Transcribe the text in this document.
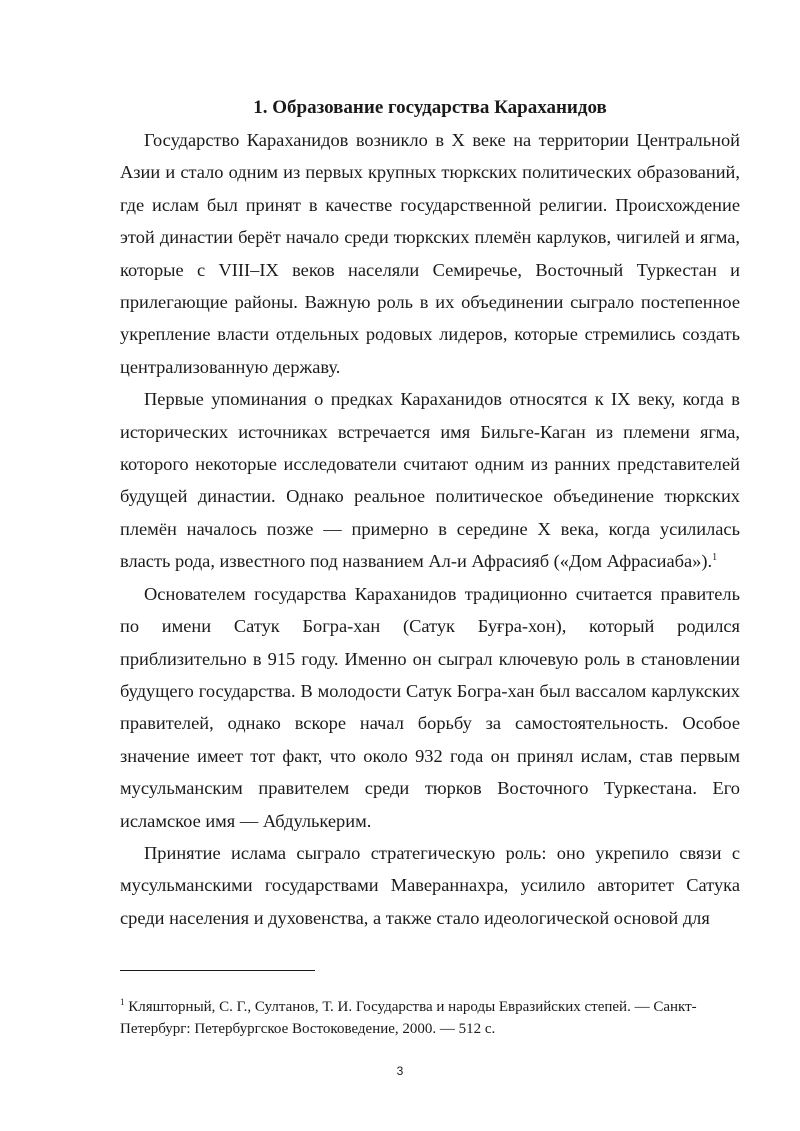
1. Образование государства Караханидов

Государство Караханидов возникло в X веке на территории Центральной Азии и стало одним из первых крупных тюркских политических образований, где ислам был принят в качестве государственной религии. Происхождение этой династии берёт начало среди тюркских племён карлуков, чигилей и ягма, которые с VIII–IX веков населяли Семиречье, Восточный Туркестан и прилегающие районы. Важную роль в их объединении сыграло постепенное укрепление власти отдельных родовых лидеров, которые стремились создать централизованную державу.

Первые упоминания о предках Караханидов относятся к IX веку, когда в исторических источниках встречается имя Бильге-Каган из племени ягма, которого некоторые исследователи считают одним из ранних представителей будущей династии. Однако реальное политическое объединение тюркских племён началось позже — примерно в середине X века, когда усилилась власть рода, известного под названием Ал-и Афрасияб («Дом Афрасиаба»).$^1$

Основателем государства Караханидов традиционно считается правитель по имени Сатук Богра-хан (Сатук Буғра-хон), который родился приблизительно в 915 году. Именно он сыграл ключевую роль в становлении будущего государства. В молодости Сатук Богра-хан был вассалом карлукских правителей, однако вскоре начал борьбу за самостоятельность. Особое значение имеет тот факт, что около 932 года он принял ислам, став первым мусульманским правителем среди тюрков Восточного Туркестана. Его исламское имя — Абдулькерим.

Принятие ислама сыграло стратегическую роль: оно укрепило связи с мусульманскими государствами Мавераннахра, усилило авторитет Сатука среди населения и духовенства, а также стало идеологической основой для

$^1$ Кляшторный, С. Г., Султанов, Т. И. Государства и народы Евразийских степей. — Санкт-Петербург: Петербургское Востоковедение, 2000. — 512 с.
3
